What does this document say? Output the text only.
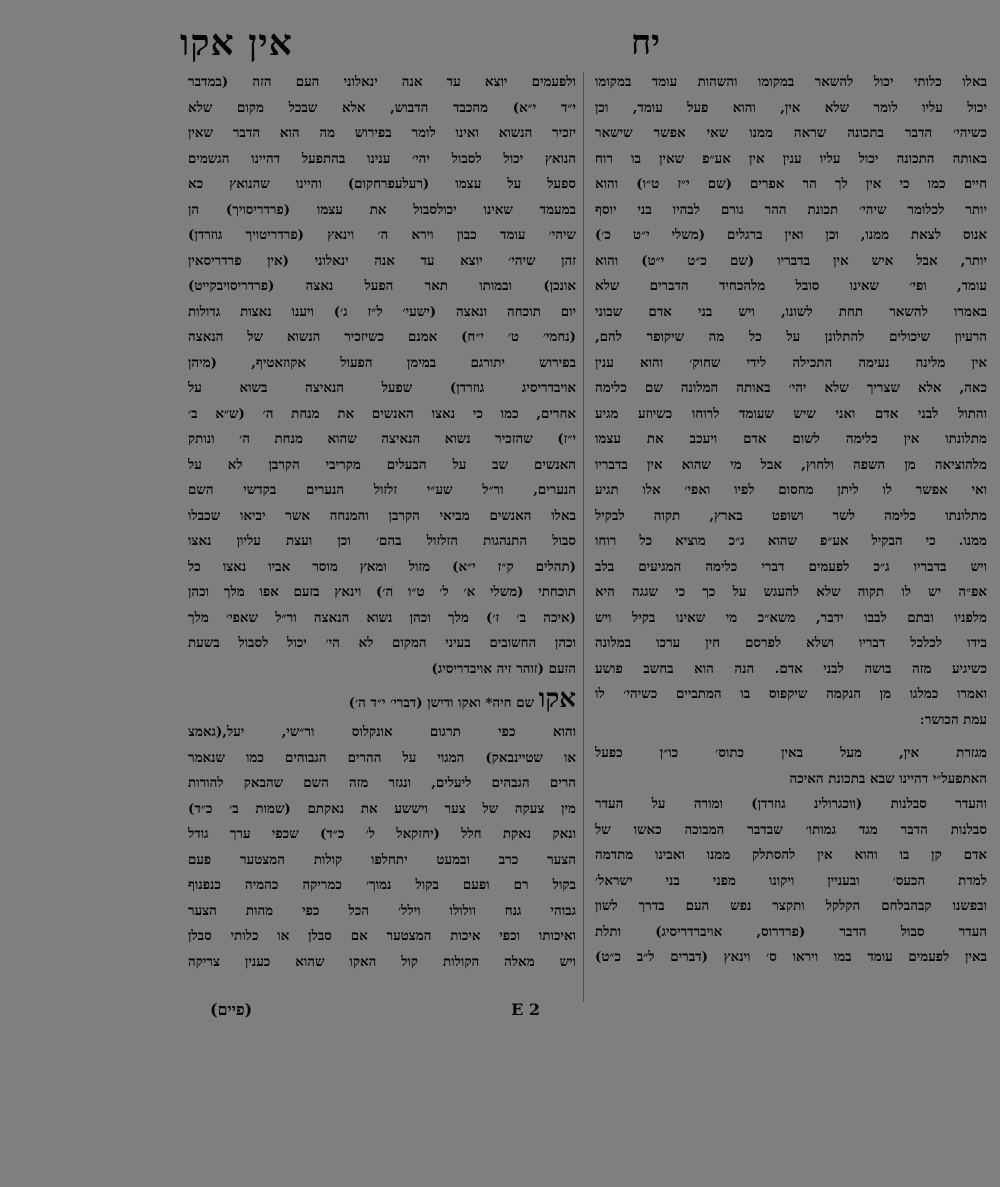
יח
אין אקו
באלו כלותי יכול להשאר במקומו והשהות עומד במקומו
יכול עליו לומר שלא אין, והוא פעל עומד, וכן
כשיהי׳ הדבר בתכונה שראה ממנו שאי אפשר שישאר
באותה התכונה יכול עליו ענין אין אע״פ שאין בו רוח
חיים כמו כי אין לך הר אפרים (שם י״ז ט״ו) והוא
יותר לכלומר שיהי׳ תכונת ההר גורם לבהיו בני יוסף
אנוס לצאת ממנו, וכן ואין ברגלים (משלי י״ט כ׳)
יותר, אבל איש אין בדבריו (שם כ״ט י״ט) והוא
עומד, ופי׳ שאינו סובל מלהכחיד הדברים שלא
באמרו להשאר תחת לשונו, ויש בני אדם שבוני
הרעיון שיכולים להתלונן על כל מה שיקופר להם,
אין מלינה נעימה התכילה לידי שחוק׳ והוא ענין
כאה, אלא שצריך שלא יהי׳ באותה המלונה שם כלימה
והתול לבני אדם ואני שיש שעומד לרוחו כשיוזע מגיע
מתלונתו אין כלימה לשום אדם ויעכב את עצמו
מלהוציאה מן השפה ולחוץ, אבל מי שהוא אין בדבריו
ואי אפשר לו ליתן מחסום לפיו ואפי׳ אלו תגיע
מתלונתו כלימה לשר ושופט בארץ, תקוה לבקיל
ממנו. כי הבקיל אע״פ שהוא ג״כ מוציא כל רוחו
ויש בדבריו ג״כ לפעמים דברי כלימה המגיעים בלב
אפ״ה יש לו תקוה שלא להעגש על כך כי שגגה היא
מלפניו ובתם לבבו ידבר, משא״כ מי שאינו בקיל ויש
בידו לכלכל דבריו ושלא לפרסם חין ערכו במלונה
כשיגיע מזה בושה לבני אדם. הנה הוא בחשב פושע
ואמרו כמלגו מן הנקמה שיקפוס בו המתביים כשיהי׳ לו
עמת הכושר ׃
מגזרת אין, מעל באין כתוס׳ כו״ן כפעל
האתפעל״י דהיינו שבא בתכונת האיכה
והעדר סבלנות (ווכגרולינ גוזרדן) ומורה על העדר
סבלנות הדבר מגד גמותו׳ שבדבר המבוכה כאשו של
אדם קן בו והוא אין להסתלק ממנו ואבינו מתדמה
למדת הכעס׳ ובעניין ויקונו מפני בני ישראל׳
ובפשנו קבהבלחם הקלקל ותקצר נפש העם בדרך לשון
העדר סבול הדבר (פרדרוס, אויברדריסיג) ותלת
באין לפעמים עומד במו ויראו ס׳ וינאץ (דברים ל״ב כ״ט)
ולפעמים יוצא עד אנה ינאלוני העם הזה (במדבר
י״ד י״א) מהכבד הדבוש, אלא שבכל מקום שלא
יזכיר הנשוא ואינו לומר בפירוש מה הוא הדבר שאין
הנואץ יכול לסבול יהי׳ ענינו בהתפעל דהיינו הגשמים
ספעל על עצמו (רעלעפרחקום) והיינו שהנואץ כא
במעמד שאינו יכולסבול את עצמו (פרדריסויך) הן
שיהי׳ עומד כבון וירא ה׳ וינאץ (פרדריטויך גוזרדן)
זהן שיהי׳ יוצא עד אנה ינאלוני (אין פרדריסאין
אונכן) ובמותו תאר הפעל נאצה (פרדריסויבקייט)
יום תוכחה ונאצה (ישעי׳ ל״ז ג׳) ויענו נאצות גדולות
(נחמי׳ ט׳ י״ח) אמנם כשיזכיר הנשוא של הנאצה
בפירוש יתורגם במימן הפעול אקוזאטיף, (מיהן
אויבדריסיג גוזרדן) שפעל הנאיצה בשוא על
אחרים, כמו כי נאצו האנשים את מנחת ה׳ (ש״א ב׳
י״ז) שהזכיר נשוא הנאיצה שהוא מנחת ה׳ ונותק
האנשים שב על הבעלים מקריבי הקרבן לא על
הנערים, ור״ל שע״י זלזול הנערים בקדשי השם
באלו האנשים מביאי הקרבן והמנחה אשר יביאו שכבלו
סבול התנהגות הזלזול בהם׳ וכן ועצת עליון נאצו
(תהלים ק״ז י״א) מזול ומאץ מוסר אביו נאצו כל
תוכחתי (משלי א׳ ל׳ ט״ו ה׳) וינאץ בזעם אפו מלך וכהן
(איכה ב׳ ז׳) מלך וכהן נשוא הנאצה ור״ל שאפי׳ מלך
וכהן החשובים בעיני המקום לא הי׳ יכול לסבול בשעת
הזעם (זוהר זיה אויבדריסיג)
אקו שם חיה* ואקו ודישן (דברי׳ י״ד ה׳)
והוא כפי תרגום אונקלוס ור״שי, יעל,(גאמצ
או שטיינבאק) המגוי על ההרים הגבוהים כמו שנאמר
הרים הגבהים ליעלים, ונגזר מזה השם שהבאק להורות
מין צעקה של צער ויששע את נאקתם (שמות ב׳ כ״ד)
ונאק נאקת חלל (יחזקאל ל׳ כ״ד) שכפי ערך גודל
הצער כרב ובמעט יתחלפו קולות המצטער פעם
בקול רם ופעם בקול נמוך׳ כמריקה כהמיה כנפנוף
גבוהי גנח וולולו וילל׳ הכל כפי מהות הצער
ואיכותו וכפי איכות המצטער אם סבלן או כלותי סבלן
ויש מאלה הקולות קול האקו שהוא כענין צריקה
E 2
(פיים)
